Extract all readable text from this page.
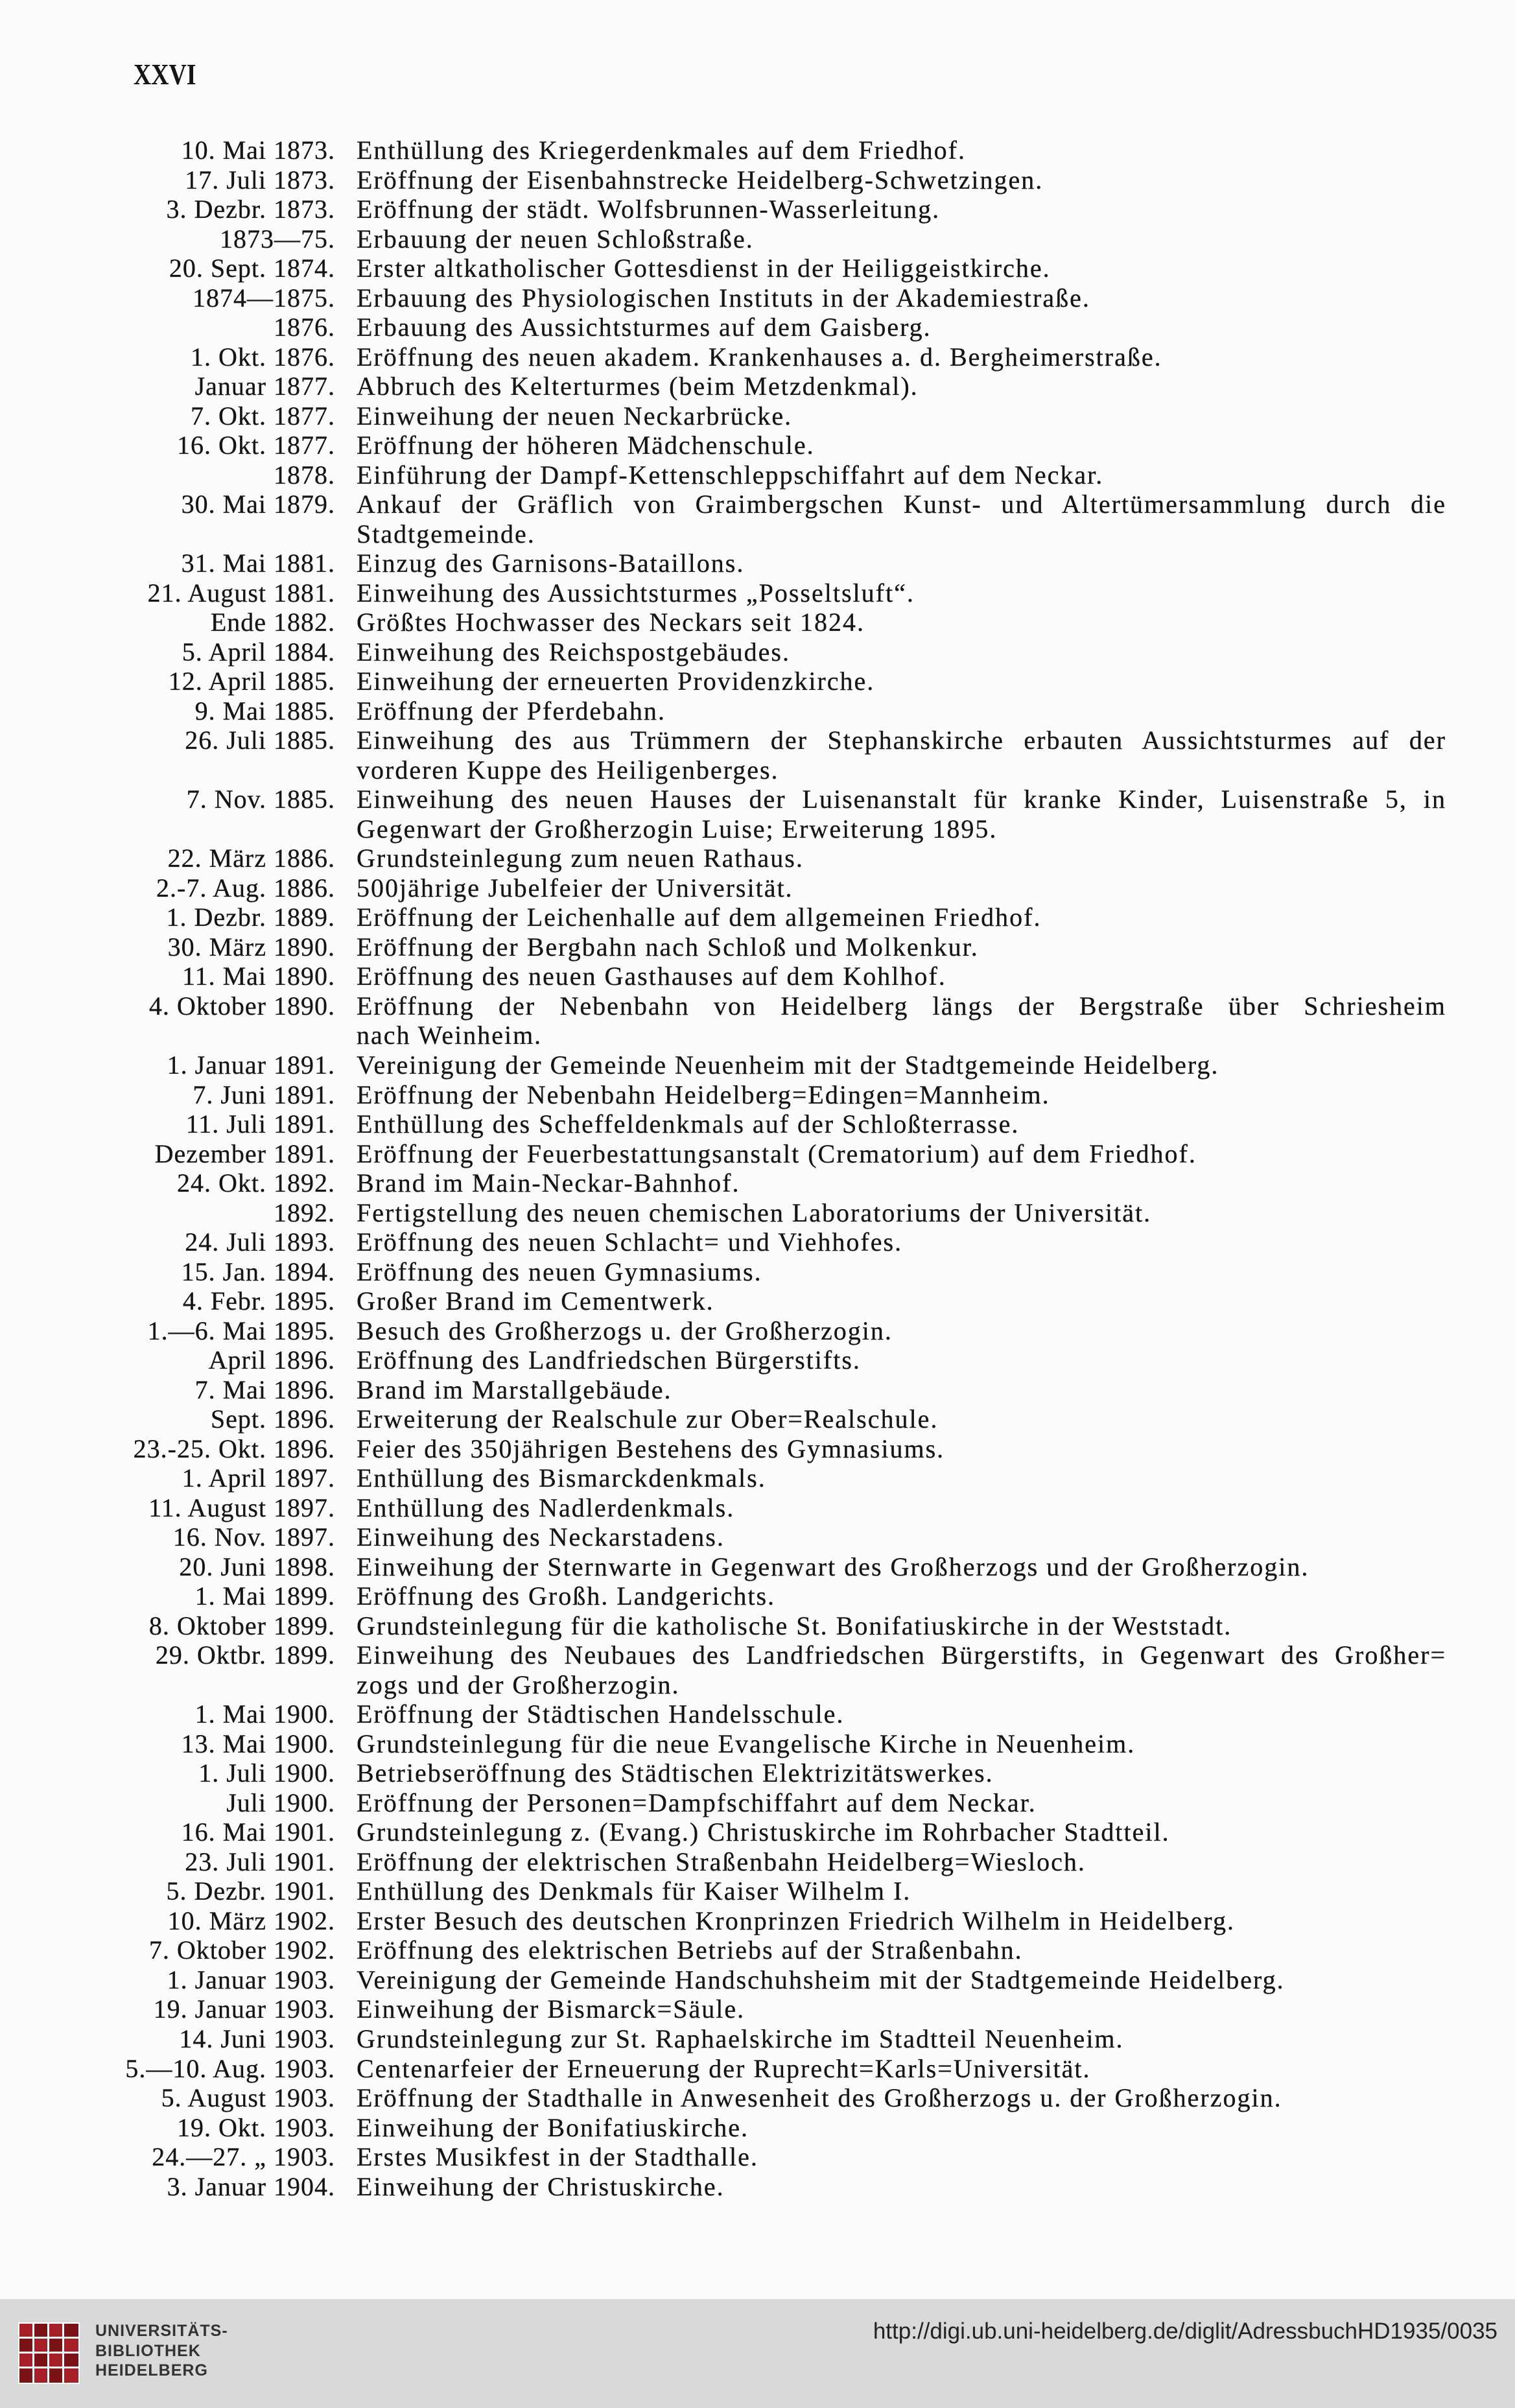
XXVI
10. Mai 1873. Enthüllung des Kriegerdenkmales auf dem Friedhof.
17. Juli 1873. Eröffnung der Eisenbahnstrecke Heidelberg-Schwetzingen.
3. Dezbr. 1873. Eröffnung der städt. Wolfsbrunnen-Wasserleitung.
1873—75. Erbauung der neuen Schloßstraße.
20. Sept. 1874. Erster altkatholischer Gottesdienst in der Heiliggeistkirche.
1874—1875. Erbauung des Physiologischen Instituts in der Akademiestraße.
1876. Erbauung des Aussichtsturmes auf dem Gaisberg.
1. Okt. 1876. Eröffnung des neuen akadem. Krankenhauses a. d. Bergheimerstraße.
Januar 1877. Abbruch des Kelterturmes (beim Metzdenkmal).
7. Okt. 1877. Einweihung der neuen Neckarbrücke.
16. Okt. 1877. Eröffnung der höheren Mädchenschule.
1878. Einführung der Dampf-Kettenschleppschiffahrt auf dem Neckar.
30. Mai 1879. Ankauf der Gräflich von Graimbergschen Kunst- und Altertümersammlung durch die
Stadtgemeinde.
31. Mai 1881. Einzug des Garnisons-Bataillons.
21. August 1881. Einweihung des Aussichtsturmes „Posseltsluft“.
Ende 1882. Größtes Hochwasser des Neckars seit 1824.
5. April 1884. Einweihung des Reichspostgebäudes.
12. April 1885. Einweihung der erneuerten Providenzkirche.
9. Mai 1885. Eröffnung der Pferdebahn.
26. Juli 1885. Einweihung des aus Trümmern der Stephanskirche erbauten Aussichtsturmes auf der
vorderen Kuppe des Heiligenberges.
7. Nov. 1885. Einweihung des neuen Hauses der Luisenanstalt für kranke Kinder, Luisenstraße 5, in
Gegenwart der Großherzogin Luise; Erweiterung 1895.
22. März 1886. Grundsteinlegung zum neuen Rathaus.
2.-7. Aug. 1886. 500jährige Jubelfeier der Universität.
1. Dezbr. 1889. Eröffnung der Leichenhalle auf dem allgemeinen Friedhof.
30. März 1890. Eröffnung der Bergbahn nach Schloß und Molkenkur.
11. Mai 1890. Eröffnung des neuen Gasthauses auf dem Kohlhof.
4. Oktober 1890. Eröffnung der Nebenbahn von Heidelberg längs der Bergstraße über Schriesheim
nach Weinheim.
1. Januar 1891. Vereinigung der Gemeinde Neuenheim mit der Stadtgemeinde Heidelberg.
7. Juni 1891. Eröffnung der Nebenbahn Heidelberg=Edingen=Mannheim.
11. Juli 1891. Enthüllung des Scheffeldenkmals auf der Schloßterrasse.
Dezember 1891. Eröffnung der Feuerbestattungsanstalt (Crematorium) auf dem Friedhof.
24. Okt. 1892. Brand im Main-Neckar-Bahnhof.
1892. Fertigstellung des neuen chemischen Laboratoriums der Universität.
24. Juli 1893. Eröffnung des neuen Schlacht= und Viehhofes.
15. Jan. 1894. Eröffnung des neuen Gymnasiums.
4. Febr. 1895. Großer Brand im Cementwerk.
1.—6. Mai 1895. Besuch des Großherzogs u. der Großherzogin.
April 1896. Eröffnung des Landfriedschen Bürgerstifts.
7. Mai 1896. Brand im Marstallgebäude.
Sept. 1896. Erweiterung der Realschule zur Ober=Realschule.
23.-25. Okt. 1896. Feier des 350jährigen Bestehens des Gymnasiums.
1. April 1897. Enthüllung des Bismarckdenkmals.
11. August 1897. Enthüllung des Nadlerdenkmals.
16. Nov. 1897. Einweihung des Neckarstadens.
20. Juni 1898. Einweihung der Sternwarte in Gegenwart des Großherzogs und der Großherzogin.
1. Mai 1899. Eröffnung des Großh. Landgerichts.
8. Oktober 1899. Grundsteinlegung für die katholische St. Bonifatiuskirche in der Weststadt.
29. Oktbr. 1899. Einweihung des Neubaues des Landfriedschen Bürgerstifts, in Gegenwart des Großher=
zogs und der Großherzogin.
1. Mai 1900. Eröffnung der Städtischen Handelsschule.
13. Mai 1900. Grundsteinlegung für die neue Evangelische Kirche in Neuenheim.
1. Juli 1900. Betriebseröffnung des Städtischen Elektrizitätswerkes.
Juli 1900. Eröffnung der Personen=Dampfschiffahrt auf dem Neckar.
16. Mai 1901. Grundsteinlegung z. (Evang.) Christuskirche im Rohrbacher Stadtteil.
23. Juli 1901. Eröffnung der elektrischen Straßenbahn Heidelberg=Wiesloch.
5. Dezbr. 1901. Enthüllung des Denkmals für Kaiser Wilhelm I.
10. März 1902. Erster Besuch des deutschen Kronprinzen Friedrich Wilhelm in Heidelberg.
7. Oktober 1902. Eröffnung des elektrischen Betriebs auf der Straßenbahn.
1. Januar 1903. Vereinigung der Gemeinde Handschuhsheim mit der Stadtgemeinde Heidelberg.
19. Januar 1903. Einweihung der Bismarck=Säule.
14. Juni 1903. Grundsteinlegung zur St. Raphaelskirche im Stadtteil Neuenheim.
5.—10. Aug. 1903. Centenarfeier der Erneuerung der Ruprecht=Karls=Universität.
5. August 1903. Eröffnung der Stadthalle in Anwesenheit des Großherzogs u. der Großherzogin.
19. Okt. 1903. Einweihung der Bonifatiuskirche.
24.—27. „ 1903. Erstes Musikfest in der Stadthalle.
3. Januar 1904. Einweihung der Christuskirche.
UNIVERSITÄTS-
BIBLIOTHEK
HEIDELBERG
http://digi.ub.uni-heidelberg.de/diglit/AdressbuchHD1935/0035
